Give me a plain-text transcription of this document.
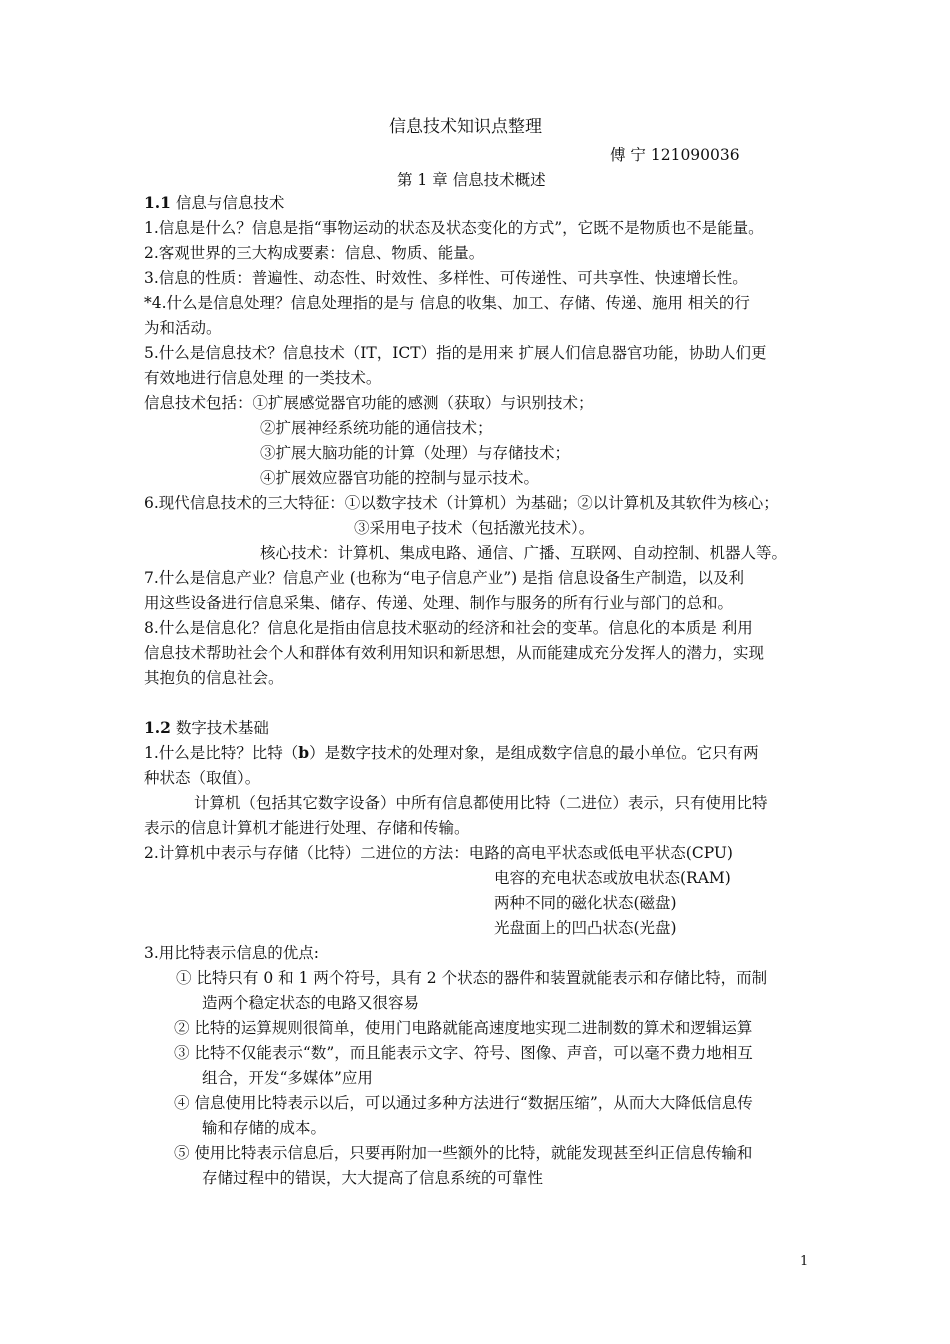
信息技术知识点整理
傅 宁 121090036
第 1 章 信息技术概述
1.1 信息与信息技术
1.信息是什么？信息是指“事物运动的状态及状态变化的方式”，它既不是物质也不是能量。
2.客观世界的三大构成要素：信息、物质、能量。
3.信息的性质：普遍性、动态性、时效性、多样性、可传递性、可共享性、快速增长性。
*4.什么是信息处理？信息处理指的是与 信息的收集、加工、存储、传递、施用 相关的行
为和活动。
5.什么是信息技术？信息技术（IT，ICT）指的是用来 扩展人们信息器官功能，协助人们更
有效地进行信息处理 的一类技术。
信息技术包括：①扩展感觉器官功能的感测（获取）与识别技术；
②扩展神经系统功能的通信技术；
③扩展大脑功能的计算（处理）与存储技术；
④扩展效应器官功能的控制与显示技术。
6.现代信息技术的三大特征：①以数字技术（计算机）为基础；②以计算机及其软件为核心；
③采用电子技术（包括激光技术）。
核心技术：计算机、集成电路、通信、广播、互联网、自动控制、机器人等。
7.什么是信息产业？信息产业 (也称为“电子信息产业”) 是指 信息设备生产制造，以及利
用这些设备进行信息采集、储存、传递、处理、制作与服务的所有行业与部门的总和。
8.什么是信息化？信息化是指由信息技术驱动的经济和社会的变革。信息化的本质是 利用
信息技术帮助社会个人和群体有效利用知识和新思想，从而能建成充分发挥人的潜力，实现
其抱负的信息社会。
1.2 数字技术基础
1.什么是比特？比特（b）是数字技术的处理对象，是组成数字信息的最小单位。它只有两
种状态（取值）。
计算机（包括其它数字设备）中所有信息都使用比特（二进位）表示，只有使用比特
表示的信息计算机才能进行处理、存储和传输。
2.计算机中表示与存储（比特）二进位的方法：电路的高电平状态或低电平状态(CPU)
电容的充电状态或放电状态(RAM)
两种不同的磁化状态(磁盘)
光盘面上的凹凸状态(光盘)
3.用比特表示信息的优点:
① 比特只有 0 和 1 两个符号，具有 2 个状态的器件和装置就能表示和存储比特，而制
造两个稳定状态的电路又很容易
② 比特的运算规则很简单，使用门电路就能高速度地实现二进制数的算术和逻辑运算
③ 比特不仅能表示“数”，而且能表示文字、符号、图像、声音，可以毫不费力地相互
组合，开发“多媒体”应用
④ 信息使用比特表示以后，可以通过多种方法进行“数据压缩”，从而大大降低信息传
输和存储的成本。
⑤ 使用比特表示信息后，只要再附加一些额外的比特，就能发现甚至纠正信息传输和
存储过程中的错误，大大提高了信息系统的可靠性
1
